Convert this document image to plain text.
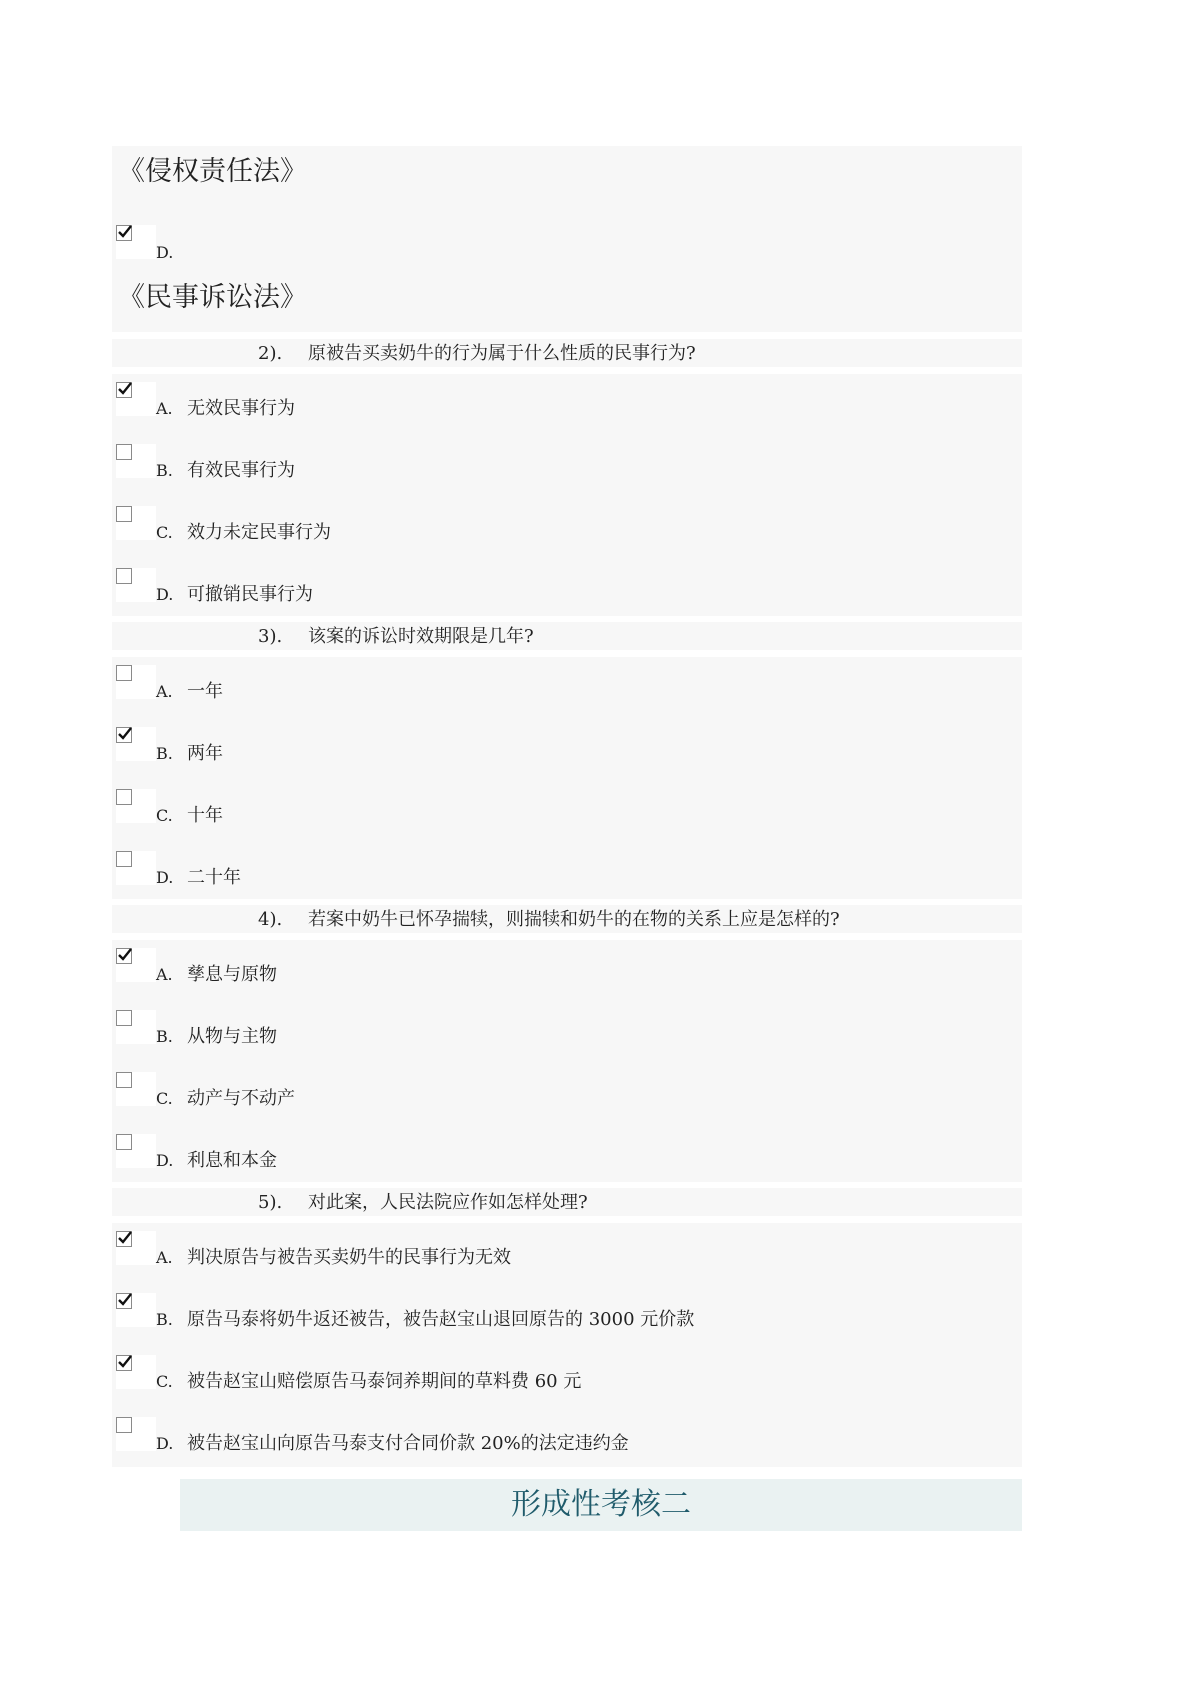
《侵权责任法》
D.
《民事诉讼法》
2). 原被告买卖奶牛的行为属于什么性质的民事行为?
3). 该案的诉讼时效期限是几年?
4). 若案中奶牛已怀孕揣犊，则揣犊和奶牛的在物的关系上应是怎样的?
5). 对此案，人民法院应作如怎样处理?
A. 无效民事行为
B. 有效民事行为
C. 效力未定民事行为
D. 可撤销民事行为
A. 一年
B. 两年
C. 十年
D. 二十年
A. 孳息与原物
B. 从物与主物
C. 动产与不动产
D. 利息和本金
A. 判决原告与被告买卖奶牛的民事行为无效
B. 原告马泰将奶牛返还被告，被告赵宝山退回原告的 3000 元价款
C. 被告赵宝山赔偿原告马泰饲养期间的草料费 60 元
D. 被告赵宝山向原告马泰支付合同价款 20%的法定违约金
形成性考核二
